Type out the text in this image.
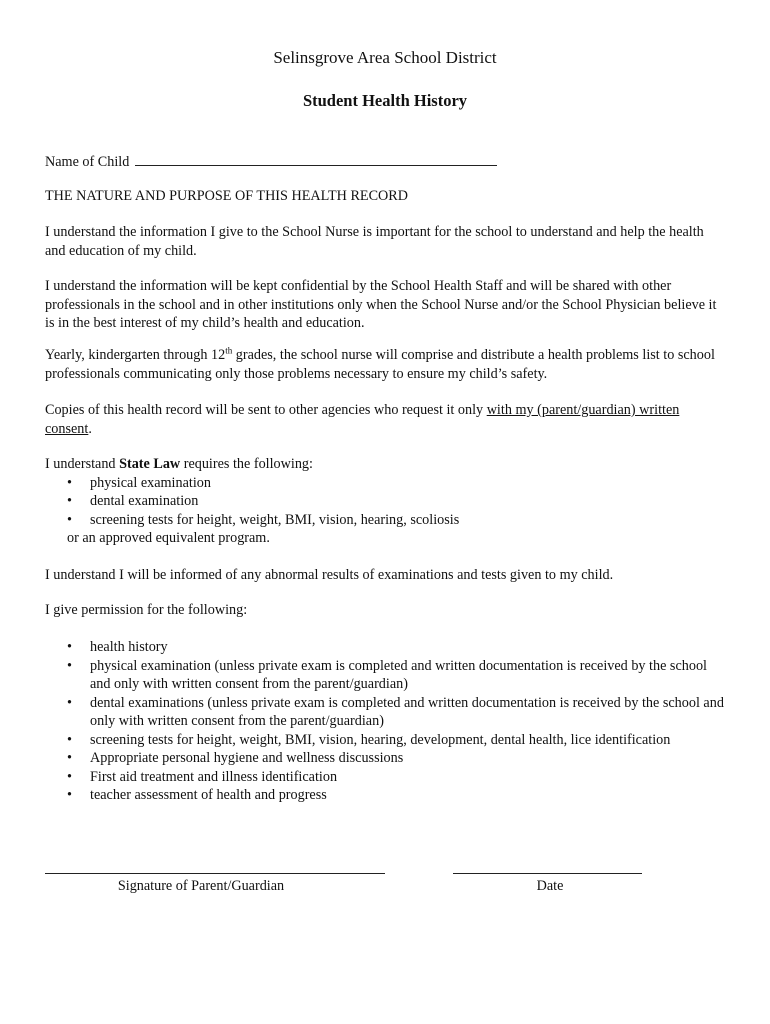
Selinsgrove Area School District
Student Health History
Name of Child
THE NATURE AND PURPOSE OF THIS HEALTH RECORD
I understand the information I give to the School Nurse is important for the school to understand and help the health and education of my child.
I understand the information will be kept confidential by the School Health Staff and will be shared with other professionals in the school and in other institutions only when the School Nurse and/or the School Physician believe it is in the best interest of my child’s health and education.
Yearly, kindergarten through 12th grades, the school nurse will comprise and distribute a health problems list to school professionals communicating only those problems necessary to ensure my child’s safety.
Copies of this health record will be sent to other agencies who request it only with my (parent/guardian) written consent.
I understand State Law requires the following:
• physical examination
• dental examination
• screening tests for height, weight, BMI, vision, hearing, scoliosis
or an approved equivalent program.
I understand I will be informed of any abnormal results of examinations and tests given to my child.
I give permission for the following:
• health history
• physical examination (unless private exam is completed and written documentation is received by the school and only with written consent from the parent/guardian)
• dental examinations (unless private exam is completed and written documentation is received by the school and only with written consent from the parent/guardian)
• screening tests for height, weight, BMI, vision, hearing, development, dental health, lice identification
• Appropriate personal hygiene and wellness discussions
• First aid treatment and illness identification
• teacher assessment of health and progress
Signature of Parent/Guardian	Date
